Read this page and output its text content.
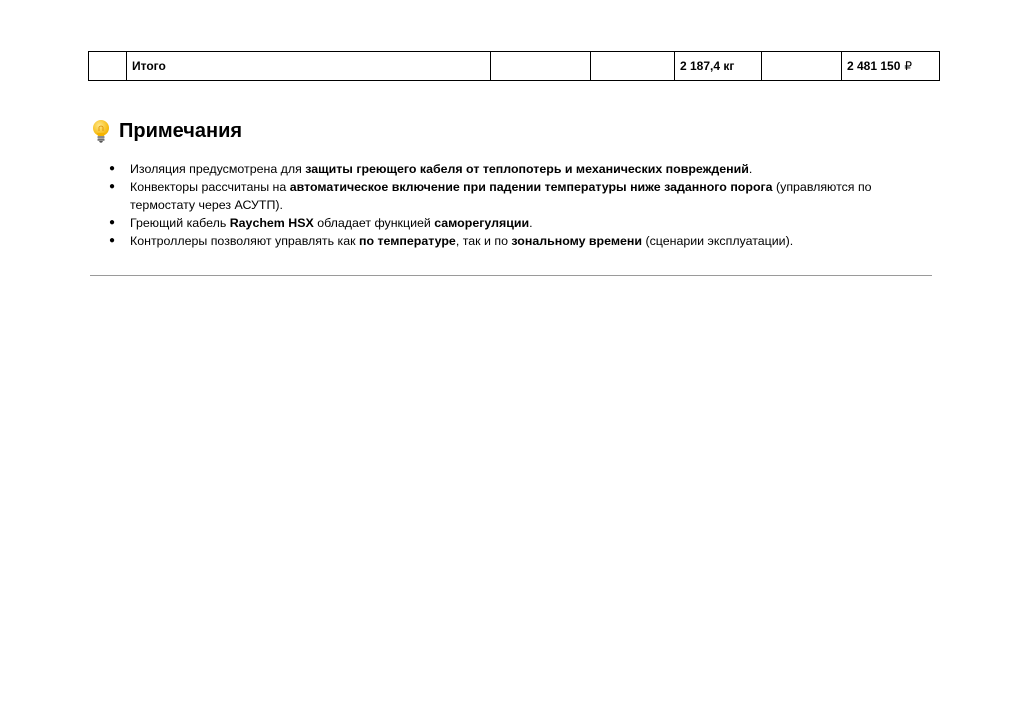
	Итого			2 187,4 кг		2 481 150 ₽
Примечания
● Изоляция предусмотрена для защиты греющего кабеля от теплопотерь и механических повреждений.
● Конвекторы рассчитаны на автоматическое включение при падении температуры ниже заданного порога (управляются по термостату через АСУТП).
● Греющий кабель Raychem HSX обладает функцией саморегуляции.
● Контроллеры позволяют управлять как по температуре, так и по зональному времени (сценарии эксплуатации).
